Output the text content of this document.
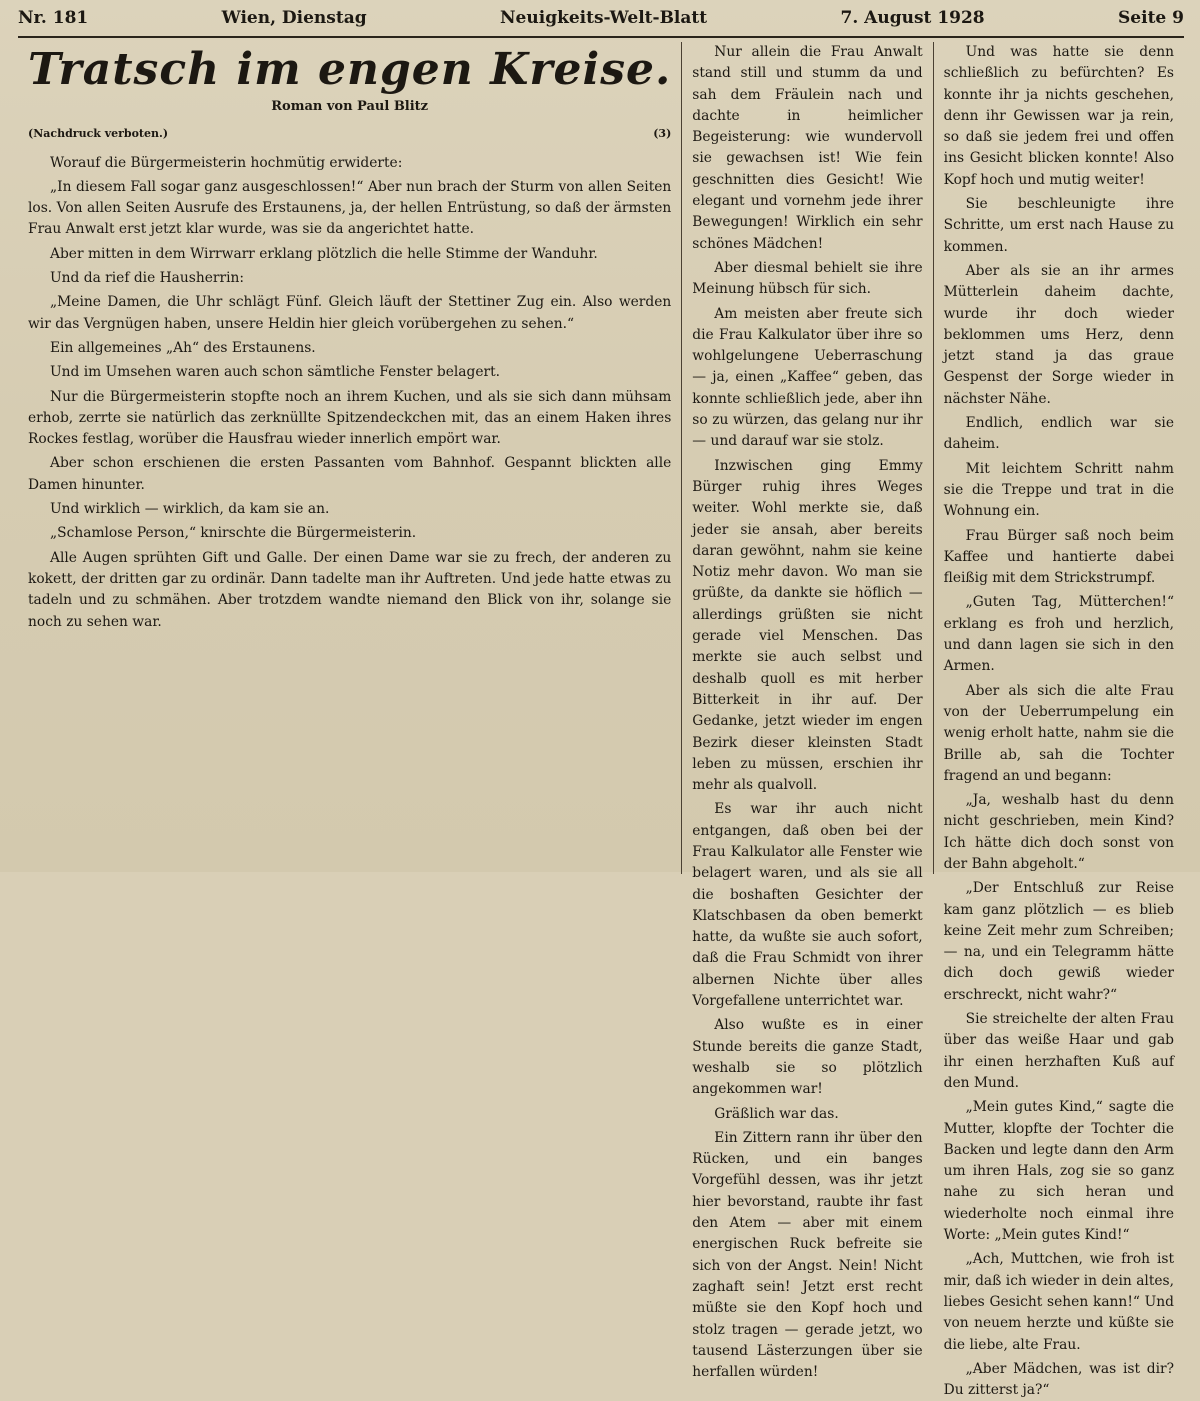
Nr. 181	Wien, Dienstag	Neuigkeits-Welt-Blatt	7. August 1928	Seite 9
Tratsch im engen Kreise.
Roman von Paul Blitz
(Nachdruck verboten.)	(3)

Worauf die Bürgermeisterin hochmütig erwiderte:

„In diesem Fall sogar ganz ausgeschlossen!“ Aber nun brach der Sturm von allen Seiten los. Von allen Seiten Ausrufe des Erstaunens, ja, der hellen Entrüstung, so daß der ärmsten Frau Anwalt erst jetzt klar wurde, was sie da angerichtet hatte.

Aber mitten in dem Wirrwarr erklang plötzlich die helle Stimme der Wanduhr.

Und da rief die Hausherrin:

„Meine Damen, die Uhr schlägt Fünf. Gleich läuft der Stettiner Zug ein. Also werden wir das Vergnügen haben, unsere Heldin hier gleich vorübergehen zu sehen.“

Ein allgemeines „Ah“ des Erstaunens.

Und im Umsehen waren auch schon sämtliche Fenster belagert.

Nur die Bürgermeisterin stopfte noch an ihrem Kuchen, und als sie sich dann mühsam erhob, zerrte sie natürlich das zerknüllte Spitzendeckchen mit, das an einem Haken ihres Rockes festlag, worüber die Hausfrau wieder innerlich empört war.

Aber schon erschienen die ersten Passanten vom Bahnhof. Gespannt blickten alle Damen hinunter.

Und wirklich — wirklich, da kam sie an.

„Schamlose Person,“ knirschte die Bürgermeisterin.

Alle Augen sprühten Gift und Galle. Der einen Dame war sie zu frech, der anderen zu kokett, der dritten gar zu ordinär. Dann tadelte man ihr Auftreten. Und jede hatte etwas zu tadeln und zu schmähen. Aber trotzdem wandte niemand den Blick von ihr, solange sie noch zu sehen war.

Nur allein die Frau Anwalt stand still und stumm da und sah dem Fräulein nach und dachte in heimlicher Begeisterung: wie wundervoll sie gewachsen ist! Wie fein geschnitten dies Gesicht! Wie elegant und vornehm jede ihrer Bewegungen! Wirklich ein sehr schönes Mädchen!

Aber diesmal behielt sie ihre Meinung hübsch für sich.

Am meisten aber freute sich die Frau Kalkulator über ihre so wohlgelungene Ueberraschung — ja, einen „Kaffee“ geben, das konnte schließlich jede, aber ihn so zu würzen, das gelang nur ihr — und darauf war sie stolz.

Inzwischen ging Emmy Bürger ruhig ihres Weges weiter. Wohl merkte sie, daß jeder sie ansah, aber bereits daran gewöhnt, nahm sie keine Notiz mehr davon. Wo man sie grüßte, da dankte sie höflich — allerdings grüßten sie nicht gerade viel Menschen. Das merkte sie auch selbst und deshalb quoll es mit herber Bitterkeit in ihr auf. Der Gedanke, jetzt wieder im engen Bezirk dieser kleinsten Stadt leben zu müssen, erschien ihr mehr als qualvoll.

Es war ihr auch nicht entgangen, daß oben bei der Frau Kalkulator alle Fenster wie belagert waren, und als sie all die boshaften Gesichter der Klatschbasen da oben bemerkt hatte, da wußte sie auch sofort, daß die Frau Schmidt von ihrer albernen Nichte über alles Vorgefallene unterrichtet war.

Also wußte es in einer Stunde bereits die ganze Stadt, weshalb sie so plötzlich angekommen war!

Gräßlich war das.

Ein Zittern rann ihr über den Rücken, und ein banges Vorgefühl dessen, was ihr jetzt hier bevorstand, raubte ihr fast den Atem — aber mit einem energischen Ruck befreite sie sich von der Angst. Nein! Nicht zaghaft sein! Jetzt erst recht müßte sie den Kopf hoch und stolz tragen — gerade jetzt, wo tausend Lästerzungen über sie herfallen würden!

Und was hatte sie denn schließlich zu befürchten? Es konnte ihr ja nichts geschehen, denn ihr Gewissen war ja rein, so daß sie jedem frei und offen ins Gesicht blicken konnte! Also Kopf hoch und mutig weiter!

Sie beschleunigte ihre Schritte, um erst nach Hause zu kommen.

Aber als sie an ihr armes Mütterlein daheim dachte, wurde ihr doch wieder beklommen ums Herz, denn jetzt stand ja das graue Gespenst der Sorge wieder in nächster Nähe.

Endlich, endlich war sie daheim.

Mit leichtem Schritt nahm sie die Treppe und trat in die Wohnung ein.

Frau Bürger saß noch beim Kaffee und hantierte dabei fleißig mit dem Strickstrumpf.

„Guten Tag, Mütterchen!“ erklang es froh und herzlich, und dann lagen sie sich in den Armen.

Aber als sich die alte Frau von der Ueberrumpelung ein wenig erholt hatte, nahm sie die Brille ab, sah die Tochter fragend an und begann:

„Ja, weshalb hast du denn nicht geschrieben, mein Kind? Ich hätte dich doch sonst von der Bahn abgeholt.“

„Der Entschluß zur Reise kam ganz plötzlich — es blieb keine Zeit mehr zum Schreiben; — na, und ein Telegramm hätte dich doch gewiß wieder erschreckt, nicht wahr?“

Sie streichelte der alten Frau über das weiße Haar und gab ihr einen herzhaften Kuß auf den Mund.

„Mein gutes Kind,“ sagte die Mutter, klopfte der Tochter die Backen und legte dann den Arm um ihren Hals, zog sie so ganz nahe zu sich heran und wiederholte noch einmal ihre Worte: „Mein gutes Kind!“

„Ach, Muttchen, wie froh ist mir, daß ich wieder in dein altes, liebes Gesicht sehen kann!“ Und von neuem herzte und küßte sie die liebe, alte Frau.

„Aber Mädchen, was ist dir? Du zitterst ja?“
